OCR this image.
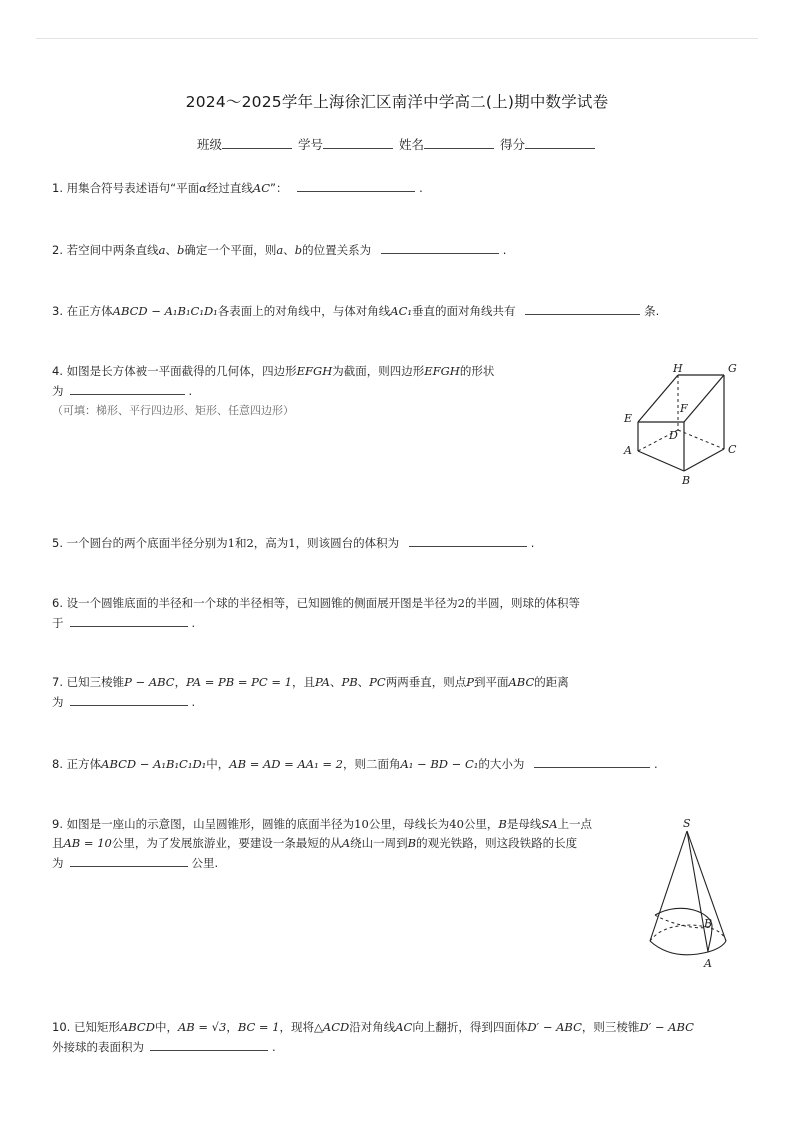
2024～2025学年上海徐汇区南洋中学高二(上)期中数学试卷
班级	学号	姓名	得分
1. 用集合符号表述语句“平面α经过直线AC”：	.
2. 若空间中两条直线a、b确定一个平面，则a、b的位置关系为	.
3. 在正方体ABCD − A₁B₁C₁D₁各表面上的对角线中，与体对角线AC₁垂直的面对角线共有	条.
4. 如图是长方体被一平面截得的几何体，四边形EFGH为截面，则四边形EFGH的形状
为	.
（可填：梯形、平行四边形、矩形、任意四边形）
H	G
F
E
D
A	C
B
5. 一个圆台的两个底面半径分别为1和2，高为1，则该圆台的体积为	.
6. 设一个圆锥底面的半径和一个球的半径相等，已知圆锥的侧面展开图是半径为2的半圆，则球的体积等
于	.
7. 已知三棱锥P − ABC，PA = PB = PC = 1，且PA、PB、PC两两垂直，则点P到平面ABC的距离
为	.
8. 正方体ABCD − A₁B₁C₁D₁中，AB = AD = AA₁ = 2，则二面角A₁ − BD − C₁的大小为	.
9. 如图是一座山的示意图，山呈圆锥形，圆锥的底面半径为10公里，母线长为40公里，B是母线SA上一点
且AB = 10公里，为了发展旅游业，要建设一条最短的从A绕山一周到B的观光铁路，则这段铁路的长度
为	公里.
S
B
A
10. 已知矩形ABCD中，AB = √3，BC = 1，现将△ACD沿对角线AC向上翻折，得到四面体D′ − ABC，则三棱锥D′ − ABC
外接球的表面积为	.
